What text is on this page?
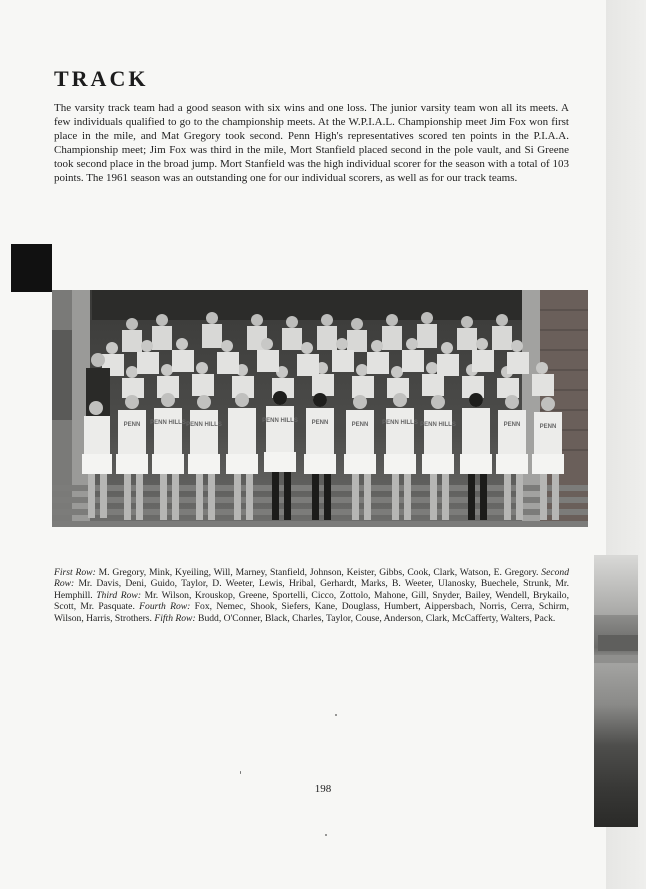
TRACK

The varsity track team had a good season with six wins and one loss. The junior varsity team won all its meets. A few individuals qualified to go to the championship meets. At the W.P.I.A.L. Championship meet Jim Fox won first place in the mile, and Mat Gregory took second. Penn High's representatives scored ten points in the P.I.A.A. Championship meet; Jim Fox was third in the mile, Mort Stanfield placed second in the pole vault, and Si Greene took second place in the broad jump. Mort Stanfield was the high individual scorer for the season with a total of 103 points. The 1961 season was an outstanding one for our individual scorers, as well as for our track teams.

PENN PENN HILLS PENN HILLS
PENN HILLS PENN	PENN PENN HILLS PENN HILLS	PENN	PENN

First Row: M. Gregory, Mink, Kyeiling, Will, Marney, Stanfield, Johnson, Keister, Gibbs, Cook, Clark, Watson, E. Gregory. Second Row: Mr. Davis, Deni, Guido, Taylor, D. Weeter, Lewis, Hribal, Gerhardt, Marks, B. Weeter, Ulanosky, Buechele, Strunk, Mr. Hemphill. Third Row: Mr. Wilson, Krouskop, Greene, Sportelli, Cicco, Zottolo, Mahone, Gill, Snyder, Bailey, Wendell, Brykailo, Scott, Mr. Pasquate. Fourth Row: Fox, Nemec, Shook, Siefers, Kane, Douglass, Humbert, Aippersbach, Norris, Cerra, Schirm, Wilson, Harris, Strothers. Fifth Row: Budd, O'Conner, Black, Charles, Taylor, Couse, Anderson, Clark, McCafferty, Walters, Pack.

198
